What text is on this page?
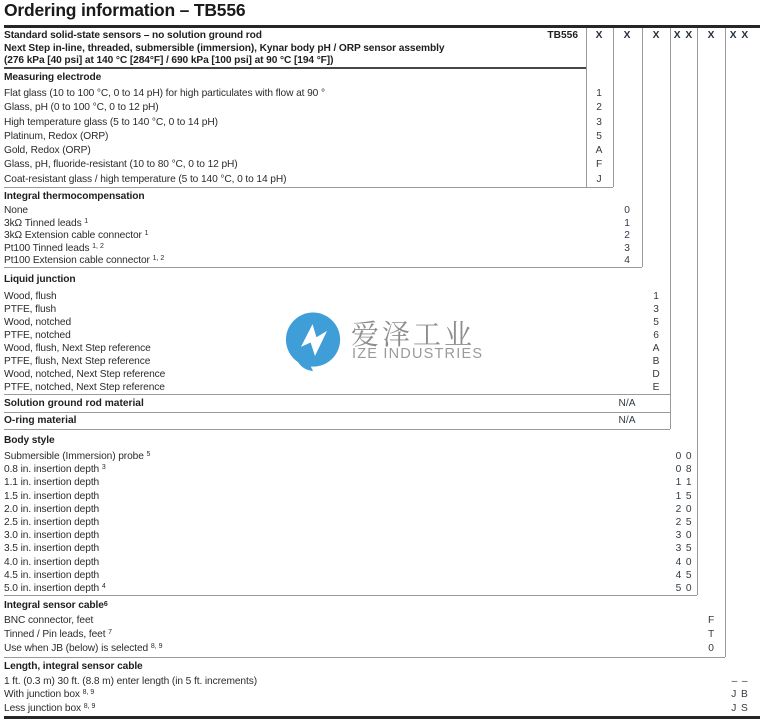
Ordering information – TB556
Standard solid-state sensors – no solution ground rod
Next Step in-line, threaded, submersible (immersion), Kynar body pH / ORP sensor assembly
(276 kPa [40 psi] at 140 °C [284°F] / 690 kPa [100 psi] at 90 °C [194 °F])
TB556 X X X X X X X X
Measuring electrode
Flat glass (10 to 100 °C, 0 to 14 pH) for high particulates with flow at 90 °	1
Glass, pH (0 to 100 °C, 0 to 12 pH)	2
High temperature glass (5 to 140 °C, 0 to 14 pH)	3
Platinum, Redox (ORP)	5
Gold, Redox (ORP)	A
Glass, pH, fluoride-resistant (10 to 80 °C, 0 to 12 pH)	F
Coat-resistant glass / high temperature (5 to 140 °C, 0 to 14 pH)	J
Integral thermocompensation
None	0
3kΩ Tinned leads $^1$	1
3kΩ Extension cable connector $^1$	2
Pt100 Tinned leads $^{1, 2}$	3
Pt100 Extension cable connector $^{1, 2}$	4
Liquid junction
Wood, flush	1
PTFE, flush	3
Wood, notched	5
PTFE, notched	6
Wood, flush, Next Step reference	A
PTFE, flush, Next Step reference	B
Wood, notched, Next Step reference	D
PTFE, notched, Next Step reference	E
Solution ground rod material	N/A
O-ring material	N/A
Body style
Submersible (Immersion) probe $^5$	0 0
0.8 in. insertion depth $^3$	0 8
1.1 in. insertion depth	1 1
1.5 in. insertion depth	1 5
2.0 in. insertion depth	2 0
2.5 in. insertion depth	2 5
3.0 in. insertion depth	3 0
3.5 in. insertion depth	3 5
4.0 in. insertion depth	4 0
4.5 in. insertion depth	4 5
5.0 in. insertion depth $^4$	5 0
Integral sensor cable 6
BNC connector, feet	F
Tinned / Pin leads, feet $^7$	T
Use when JB (below) is selected $^{8, 9}$	0
Length, integral sensor cable
1 ft. (0.3 m) 30 ft. (8.8 m) enter length (in 5 ft. increments)	– –
With junction box $^{8, 9}$	J B
Less junction box $^{8, 9}$	J S
爱泽工业
IZE INDUSTRIES
